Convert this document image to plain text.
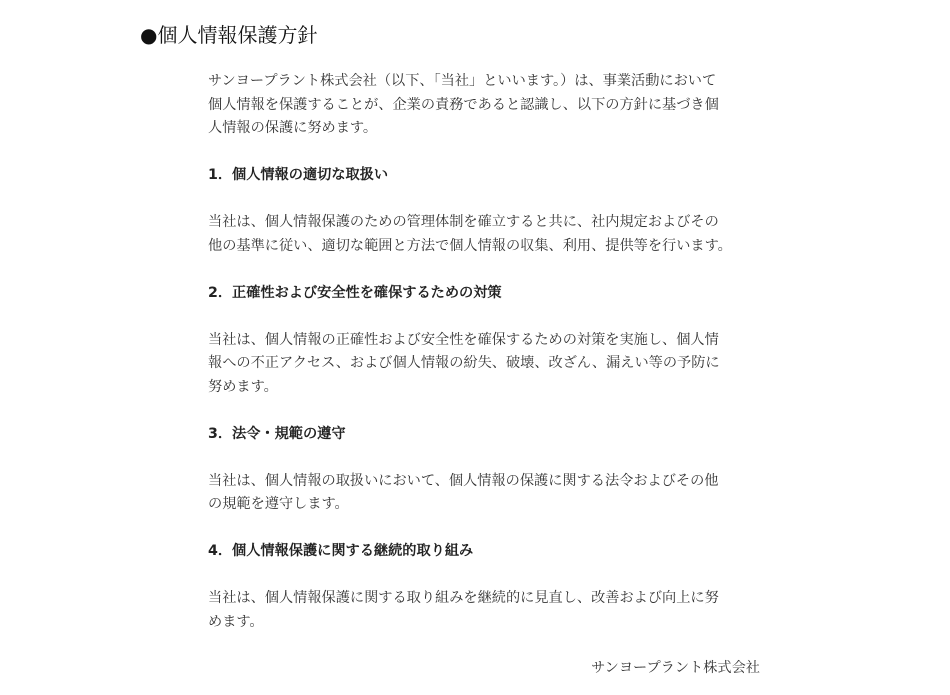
●個人情報保護方針

サンヨープラント株式会社（以下、「当社」といいます。）は、事業活動において
個人情報を保護することが、企業の責務であると認識し、以下の方針に基づき個
人情報の保護に努めます。

1．個人情報の適切な取扱い

当社は、個人情報保護のための管理体制を確立すると共に、社内規定およびその
他の基準に従い、適切な範囲と方法で個人情報の収集、利用、提供等を行います。

2．正確性および安全性を確保するための対策

当社は、個人情報の正確性および安全性を確保するための対策を実施し、個人情
報への不正アクセス、および個人情報の紛失、破壊、改ざん、漏えい等の予防に
努めます。

3．法令・規範の遵守

当社は、個人情報の取扱いにおいて、個人情報の保護に関する法令およびその他
の規範を遵守します。

4．個人情報保護に関する継続的取り組み

当社は、個人情報保護に関する取り組みを継続的に見直し、改善および向上に努
めます。

サンヨープラント株式会社
